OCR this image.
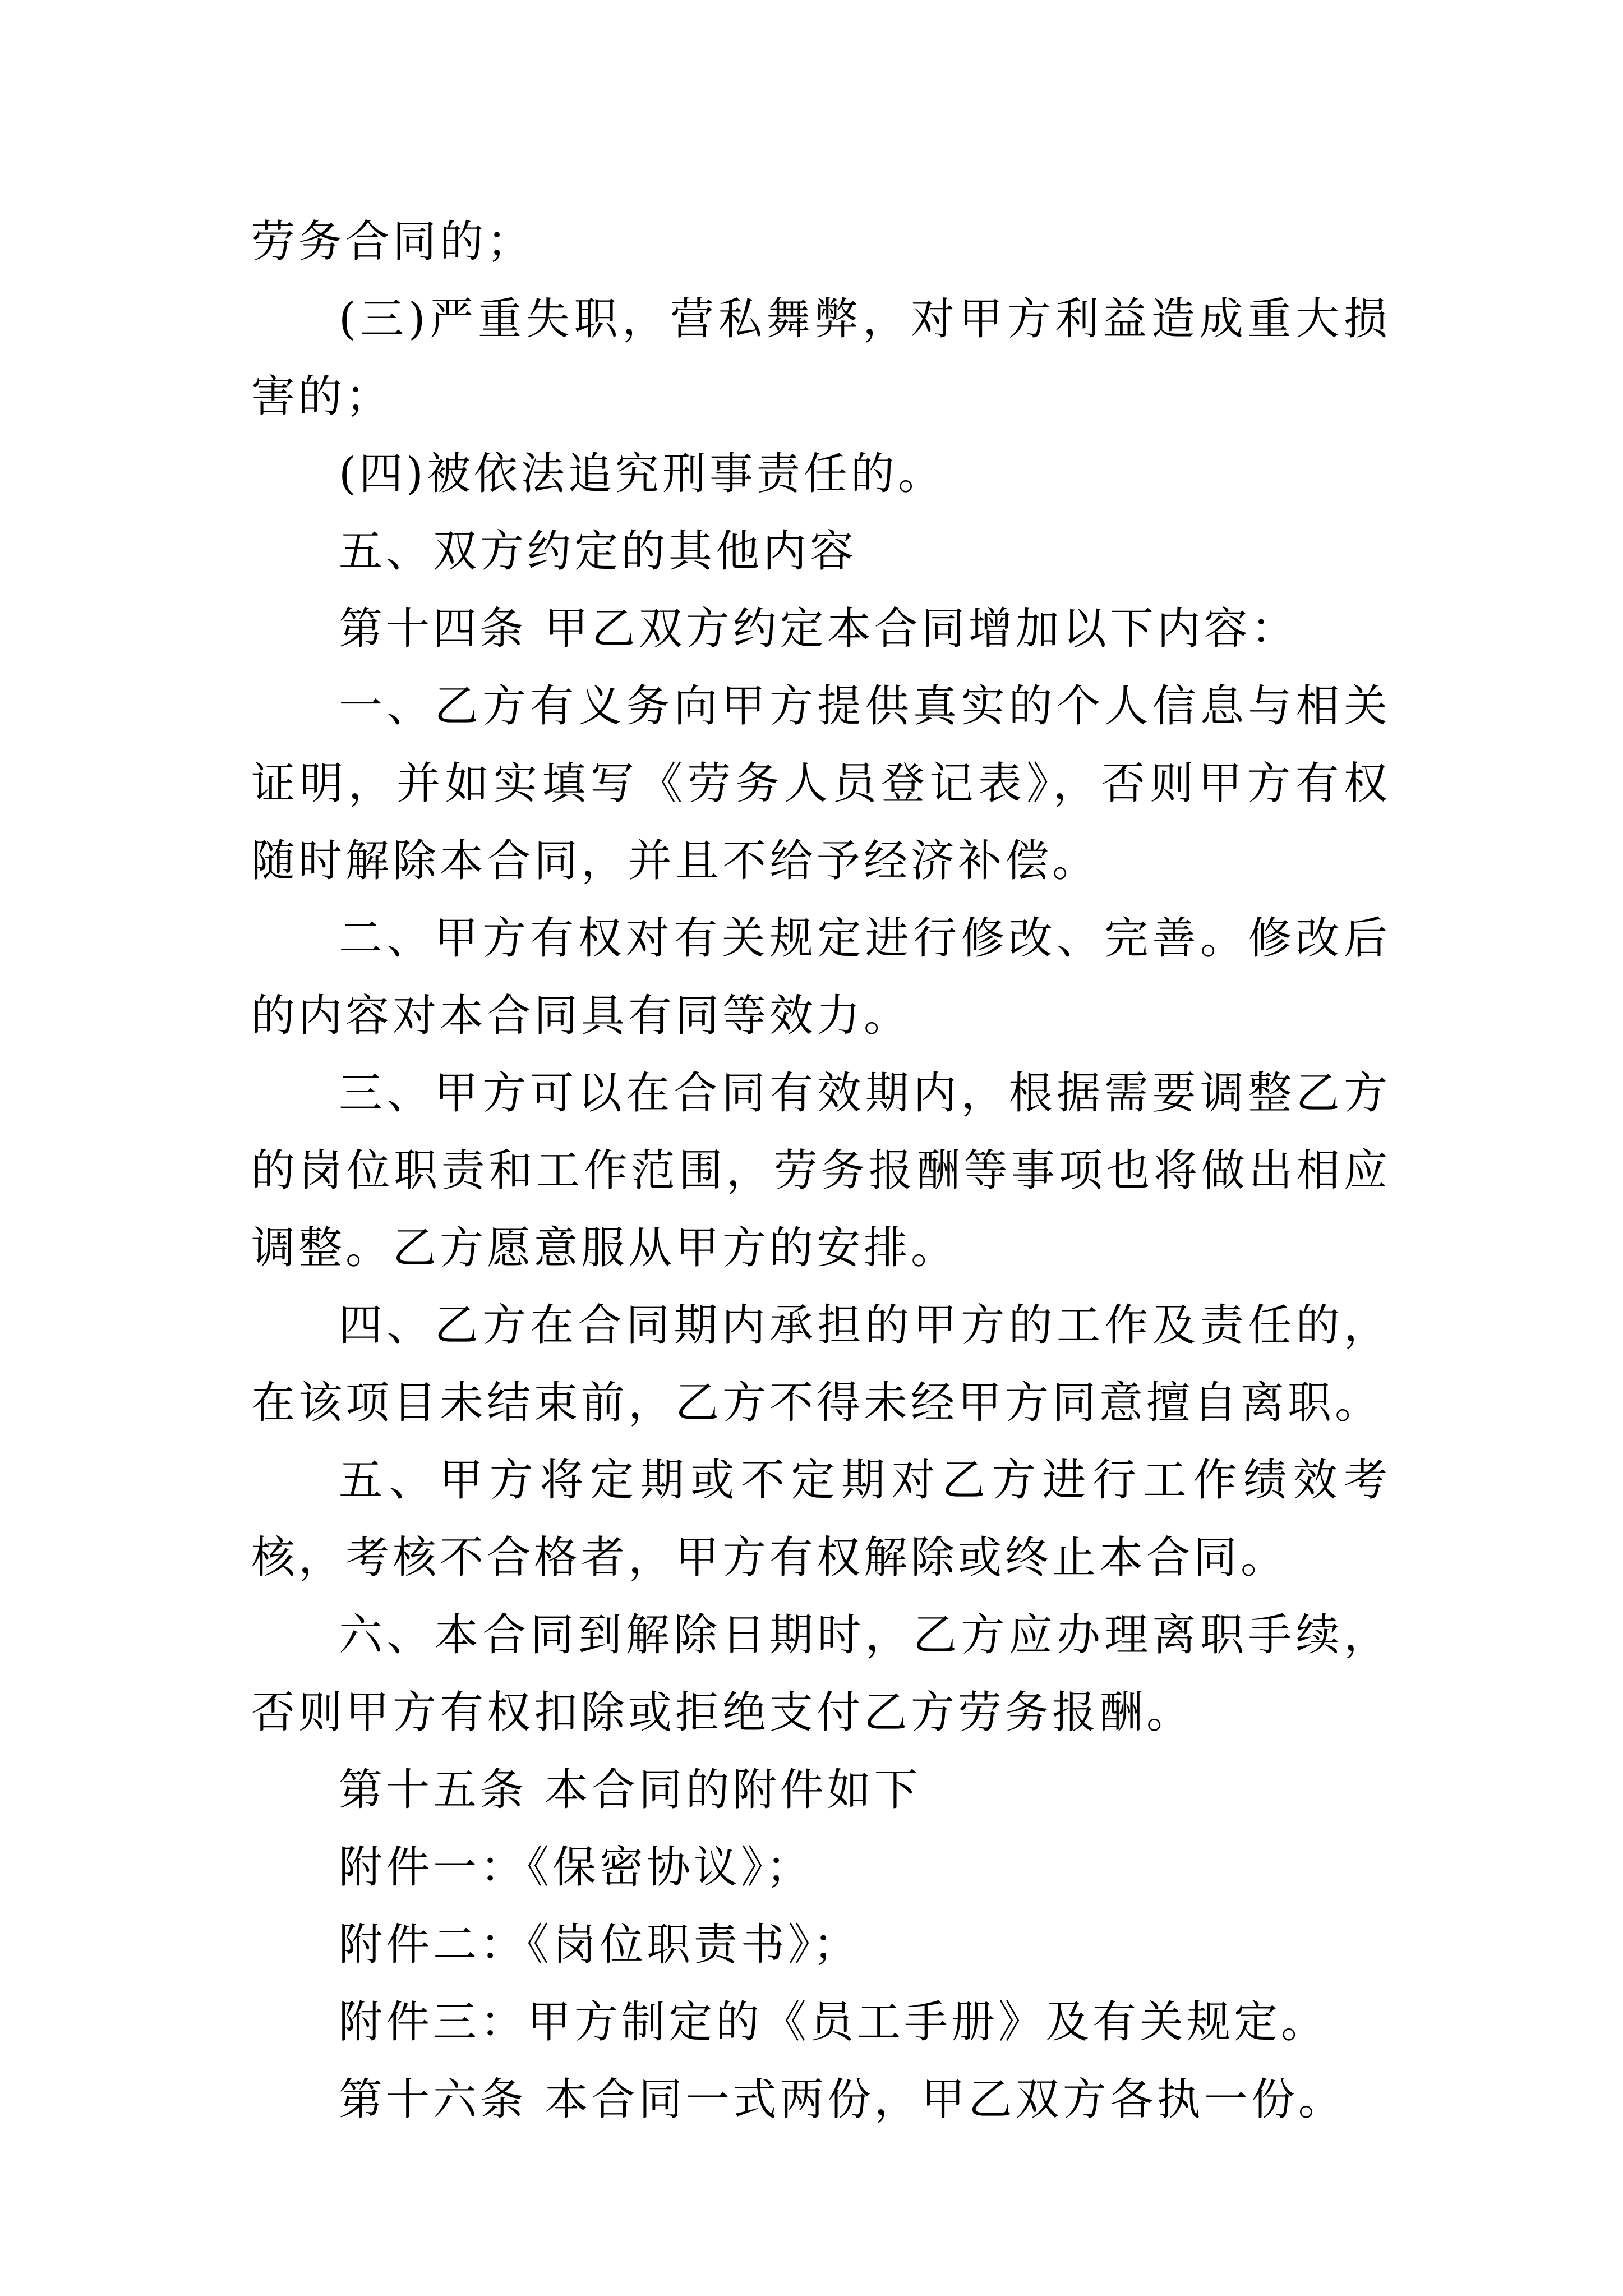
劳务合同的；

(三)严重失职，营私舞弊，对甲方利益造成重大损害的；

(四)被依法追究刑事责任的。

五、双方约定的其他内容

第十四条 甲乙双方约定本合同增加以下内容：

一、乙方有义务向甲方提供真实的个人信息与相关证明，并如实填写《劳务人员登记表》，否则甲方有权随时解除本合同，并且不给予经济补偿。

二、甲方有权对有关规定进行修改、完善。修改后的内容对本合同具有同等效力。

三、甲方可以在合同有效期内，根据需要调整乙方的岗位职责和工作范围，劳务报酬等事项也将做出相应调整。乙方愿意服从甲方的安排。

四、乙方在合同期内承担的甲方的工作及责任的，在该项目未结束前，乙方不得未经甲方同意擅自离职。

五、甲方将定期或不定期对乙方进行工作绩效考核，考核不合格者，甲方有权解除或终止本合同。

六、本合同到解除日期时，乙方应办理离职手续，否则甲方有权扣除或拒绝支付乙方劳务报酬。

第十五条 本合同的附件如下

附件一：《保密协议》；

附件二：《岗位职责书》；

附件三：甲方制定的《员工手册》及有关规定。

第十六条 本合同一式两份，甲乙双方各执一份。
